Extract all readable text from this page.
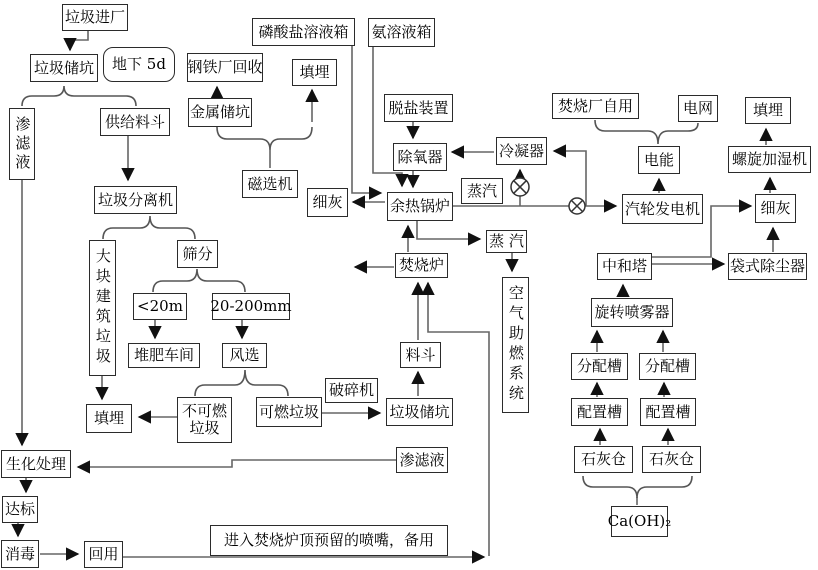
垃圾进厂
垃圾储坑	地下 5d
渗滤液	供给料斗
钢铁厂回收
金属储坑
磁选机
填埋
磷酸盐溶液箱	氨溶液箱
脱盐装置
除氧器	冷凝器
细灰	余热锅炉
蒸汽
蒸 汽
焚烧炉
空气助燃系统
焚烧厂自用	电网	填埋
电能	螺旋加湿机
汽轮发电机	细灰
中和塔	袋式除尘器
旋转喷雾器
分配槽	分配槽
配置槽	配置槽
石灰仓	石灰仓
Ca(OH)₂
垃圾分离机
大块建筑垃圾	筛分
<20m 20-200mm
堆肥车间	风选
填埋	不可燃垃圾
可燃垃圾
破碎机
垃圾储坑
料斗
渗滤液
生化处理
达标
消毒	回用
进入焚烧炉顶预留的喷嘴，备用
